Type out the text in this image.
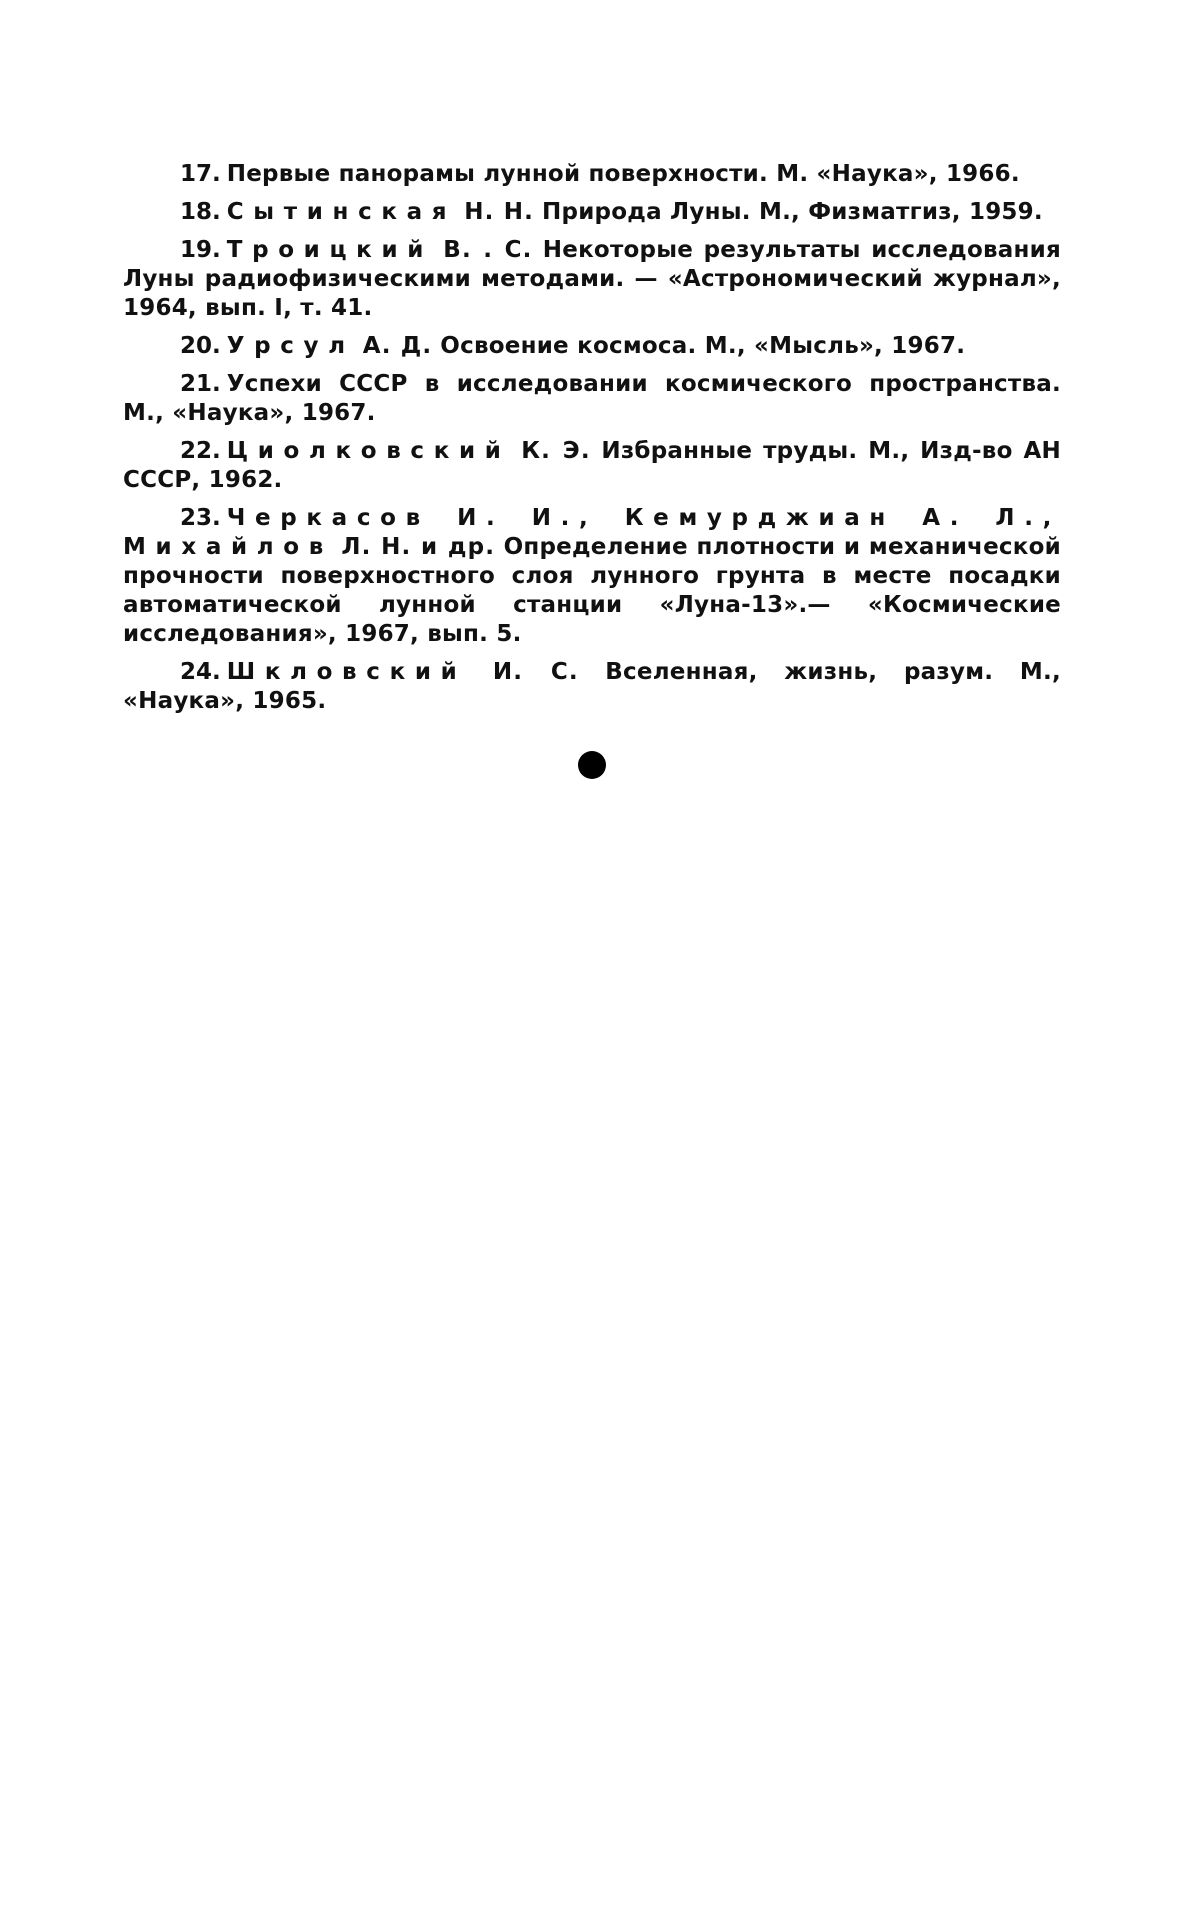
17. Первые панорамы лунной поверхности. М. «Наука», 1966.

18. Сытинская Н. Н. Природа Луны. М., Физматгиз, 1959.

19. Троицкий В. . С. Некоторые результаты исследования Луны радиофизическими методами. — «Астрономический журнал», 1964, вып. I, т. 41.

20. Урсул А. Д. Освоение космоса. М., «Мысль», 1967.

21. Успехи СССР в исследовании космического пространства. М., «Наука», 1967.

22. Циолковский К. Э. Избранные труды. М., Изд-во АН СССР, 1962.

23. Черкасов И. И., Кемурджиан А. Л., Михайлов Л. Н. и др. Определение плотности и механической прочности поверхностного слоя лунного грунта в месте посадки автоматической лунной станции «Луна-13».— «Космические исследования», 1967, вып. 5.

24. Шкловский И. С. Вселенная, жизнь, разум. М., «Наука», 1965.
